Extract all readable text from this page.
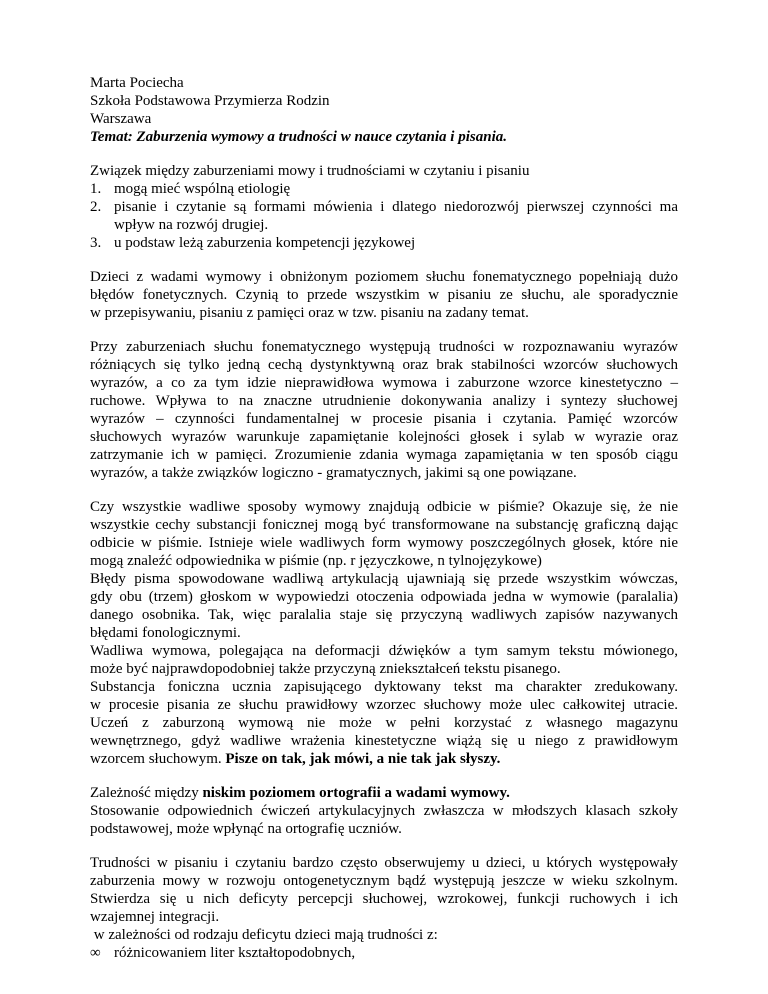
Marta Pociecha
Szkoła Podstawowa Przymierza Rodzin
Warszawa
Temat: Zaburzenia wymowy a trudności w nauce czytania i pisania.
Związek między zaburzeniami mowy i trudnościami w czytaniu i pisaniu
1. mogą mieć wspólną etiologię
2. pisanie i czytanie są formami mówienia i dlatego niedorozwój pierwszej czynności ma
wpływ na rozwój drugiej.
3. u podstaw leżą zaburzenia kompetencji językowej
Dzieci z wadami wymowy i obniżonym poziomem słuchu fonematycznego popełniają dużo
błędów fonetycznych. Czynią to przede wszystkim w pisaniu ze słuchu, ale sporadycznie
w przepisywaniu, pisaniu z pamięci oraz w tzw. pisaniu na zadany temat.
Przy zaburzeniach słuchu fonematycznego występują trudności w rozpoznawaniu wyrazów
różniących się tylko jedną cechą dystynktywną oraz brak stabilności wzorców słuchowych
wyrazów, a co za tym idzie nieprawidłowa wymowa i zaburzone wzorce kinestetyczno –
ruchowe. Wpływa to na znaczne utrudnienie dokonywania analizy i syntezy słuchowej
wyrazów – czynności fundamentalnej w procesie pisania i czytania. Pamięć wzorców
słuchowych wyrazów warunkuje zapamiętanie kolejności głosek i sylab w wyrazie oraz
zatrzymanie ich w pamięci. Zrozumienie zdania wymaga zapamiętania w ten sposób ciągu
wyrazów, a także związków logiczno - gramatycznych, jakimi są one powiązane.
Czy wszystkie wadliwe sposoby wymowy znajdują odbicie w piśmie? Okazuje się, że nie
wszystkie cechy substancji fonicznej mogą być transformowane na substancję graficzną dając
odbicie w piśmie. Istnieje wiele wadliwych form wymowy poszczególnych głosek, które nie
mogą znaleźć odpowiednika w piśmie (np. r języczkowe, n tylnojęzykowe)
Błędy pisma spowodowane wadliwą artykulacją ujawniają się przede wszystkim wówczas,
gdy obu (trzem) głoskom w wypowiedzi otoczenia odpowiada jedna w wymowie (paralalia)
danego osobnika. Tak, więc paralalia staje się przyczyną wadliwych zapisów nazywanych
błędami fonologicznymi.
Wadliwa wymowa, polegająca na deformacji dźwięków a tym samym tekstu mówionego,
może być najprawdopodobniej także przyczyną zniekształceń tekstu pisanego.
Substancja foniczna ucznia zapisującego dyktowany tekst ma charakter zredukowany.
w procesie pisania ze słuchu prawidłowy wzorzec słuchowy może ulec całkowitej utracie.
Uczeń z zaburzoną wymową nie może w pełni korzystać z własnego magazynu
wewnętrznego, gdyż wadliwe wrażenia kinestetyczne wiążą się u niego z prawidłowym
wzorcem słuchowym. Pisze on tak, jak mówi, a nie tak jak słyszy.
Zależność między niskim poziomem ortografii a wadami wymowy.
Stosowanie odpowiednich ćwiczeń artykulacyjnych zwłaszcza w młodszych klasach szkoły
podstawowej, może wpłynąć na ortografię uczniów.
Trudności w pisaniu i czytaniu bardzo często obserwujemy u dzieci, u których występowały
zaburzenia mowy w rozwoju ontogenetycznym bądź występują jeszcze w wieku szkolnym.
Stwierdza się u nich deficyty percepcji słuchowej, wzrokowej, funkcji ruchowych i ich
wzajemnej integracji.
w zależności od rodzaju deficytu dzieci mają trudności z:
∞ różnicowaniem liter kształtopodobnych,
